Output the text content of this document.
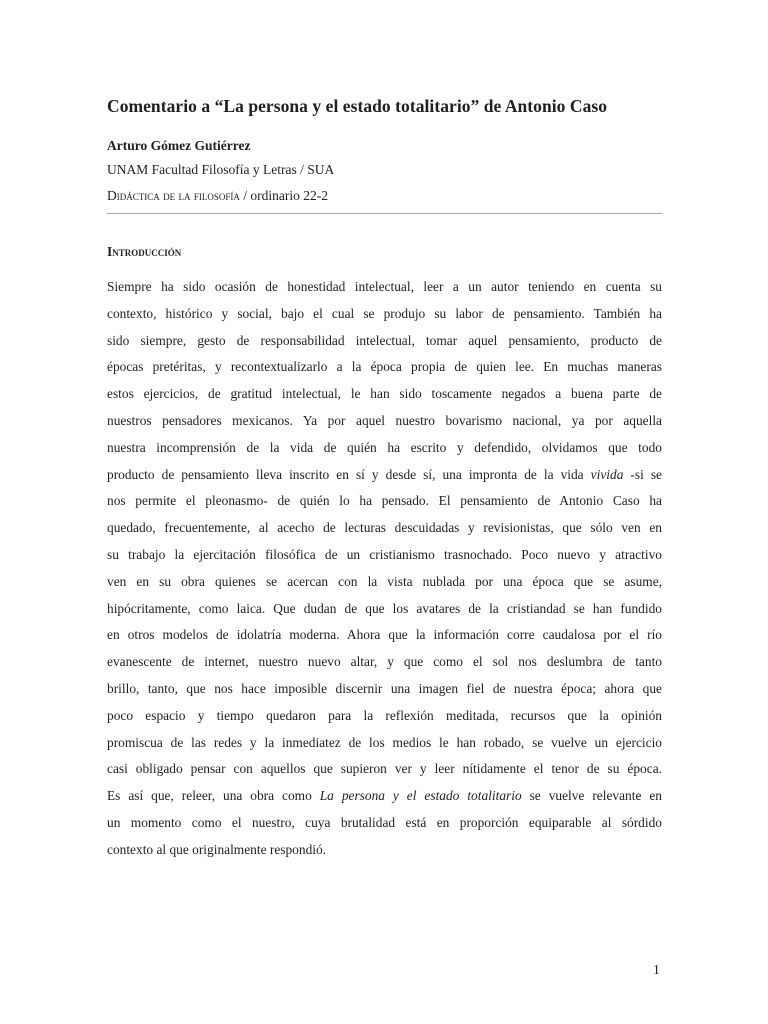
Comentario a “La persona y el estado totalitario” de Antonio Caso

Arturo Gómez Gutiérrez

UNAM Facultad Filosofía y Letras / SUA

Didáctica de la filosofía / ordinario 22-2

Introducción
Siempre ha sido ocasión de honestidad intelectual, leer a un autor teniendo en cuenta su
contexto, histórico y social, bajo el cual se produjo su labor de pensamiento. También ha
sido siempre, gesto de responsabilidad intelectual, tomar aquel pensamiento, producto de
épocas pretéritas, y recontextualizarlo a la época propia de quien lee. En muchas maneras
estos ejercicios, de gratitud intelectual, le han sido toscamente negados a buena parte de
nuestros pensadores mexicanos. Ya por aquel nuestro bovarismo nacional, ya por aquella
nuestra incomprensión de la vida de quién ha escrito y defendido, olvidamos que todo
producto de pensamiento lleva inscrito en sí y desde sí, una impronta de la vida vivida -si se
nos permite el pleonasmo- de quién lo ha pensado. El pensamiento de Antonio Caso ha
quedado, frecuentemente, al acecho de lecturas descuidadas y revisionistas, que sólo ven en
su trabajo la ejercitación filosófica de un cristianismo trasnochado. Poco nuevo y atractivo
ven en su obra quienes se acercan con la vista nublada por una época que se asume,
hipócritamente, como laica. Que dudan de que los avatares de la cristiandad se han fundido
en otros modelos de idolatría moderna. Ahora que la información corre caudalosa por el río
evanescente de internet, nuestro nuevo altar, y que como el sol nos deslumbra de tanto
brillo, tanto, que nos hace imposible discernir una imagen fiel de nuestra época; ahora que
poco espacio y tiempo quedaron para la reflexión meditada, recursos que la opinión
promiscua de las redes y la inmediatez de los medios le han robado, se vuelve un ejercicio
casi obligado pensar con aquellos que supieron ver y leer nítidamente el tenor de su época.
Es así que, releer, una obra como La persona y el estado totalitario se vuelve relevante en
un momento como el nuestro, cuya brutalidad está en proporción equiparable al sórdido
contexto al que originalmente respondió.

1
